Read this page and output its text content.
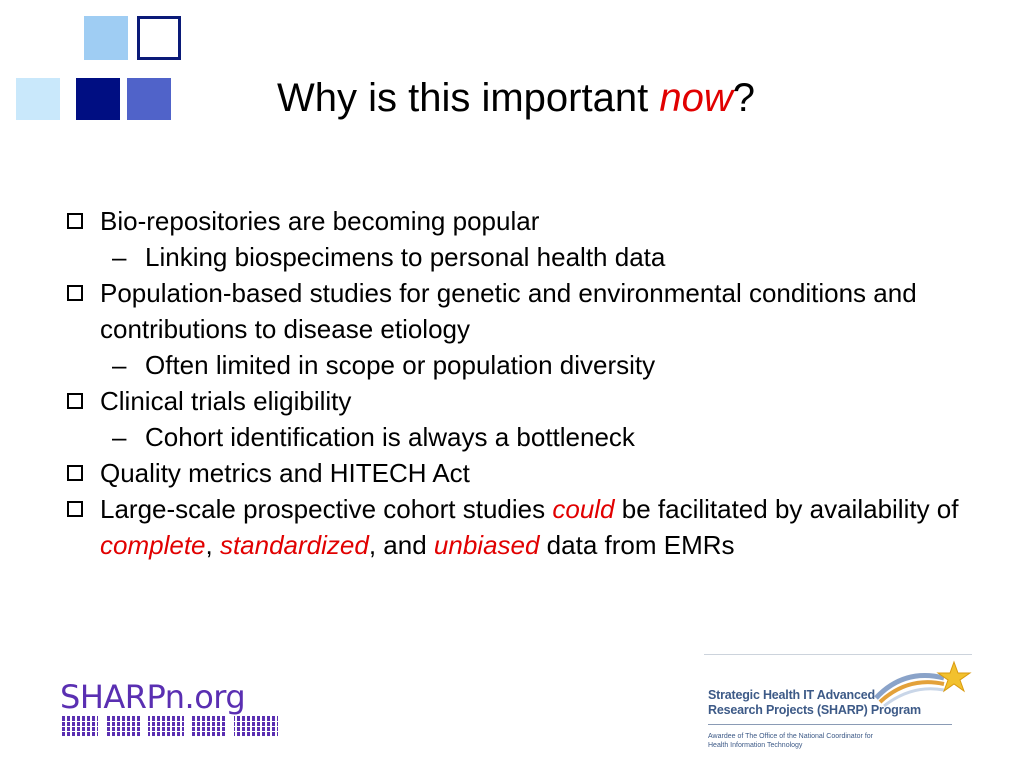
Why is this important now?
Bio-repositories are becoming popular
– Linking biospecimens to personal health data
Population-based studies for genetic and environmental conditions and contributions to disease etiology
– Often limited in scope or population diversity
Clinical trials eligibility
– Cohort identification is always a bottleneck
Quality metrics and HITECH Act
Large-scale prospective cohort studies could be facilitated by availability of complete, standardized, and unbiased data from EMRs
SHARPn.org	Strategic Health IT Advanced
Research Projects (SHARP) Program
Awardee of The Office of the National Coordinator for
Health Information Technology
